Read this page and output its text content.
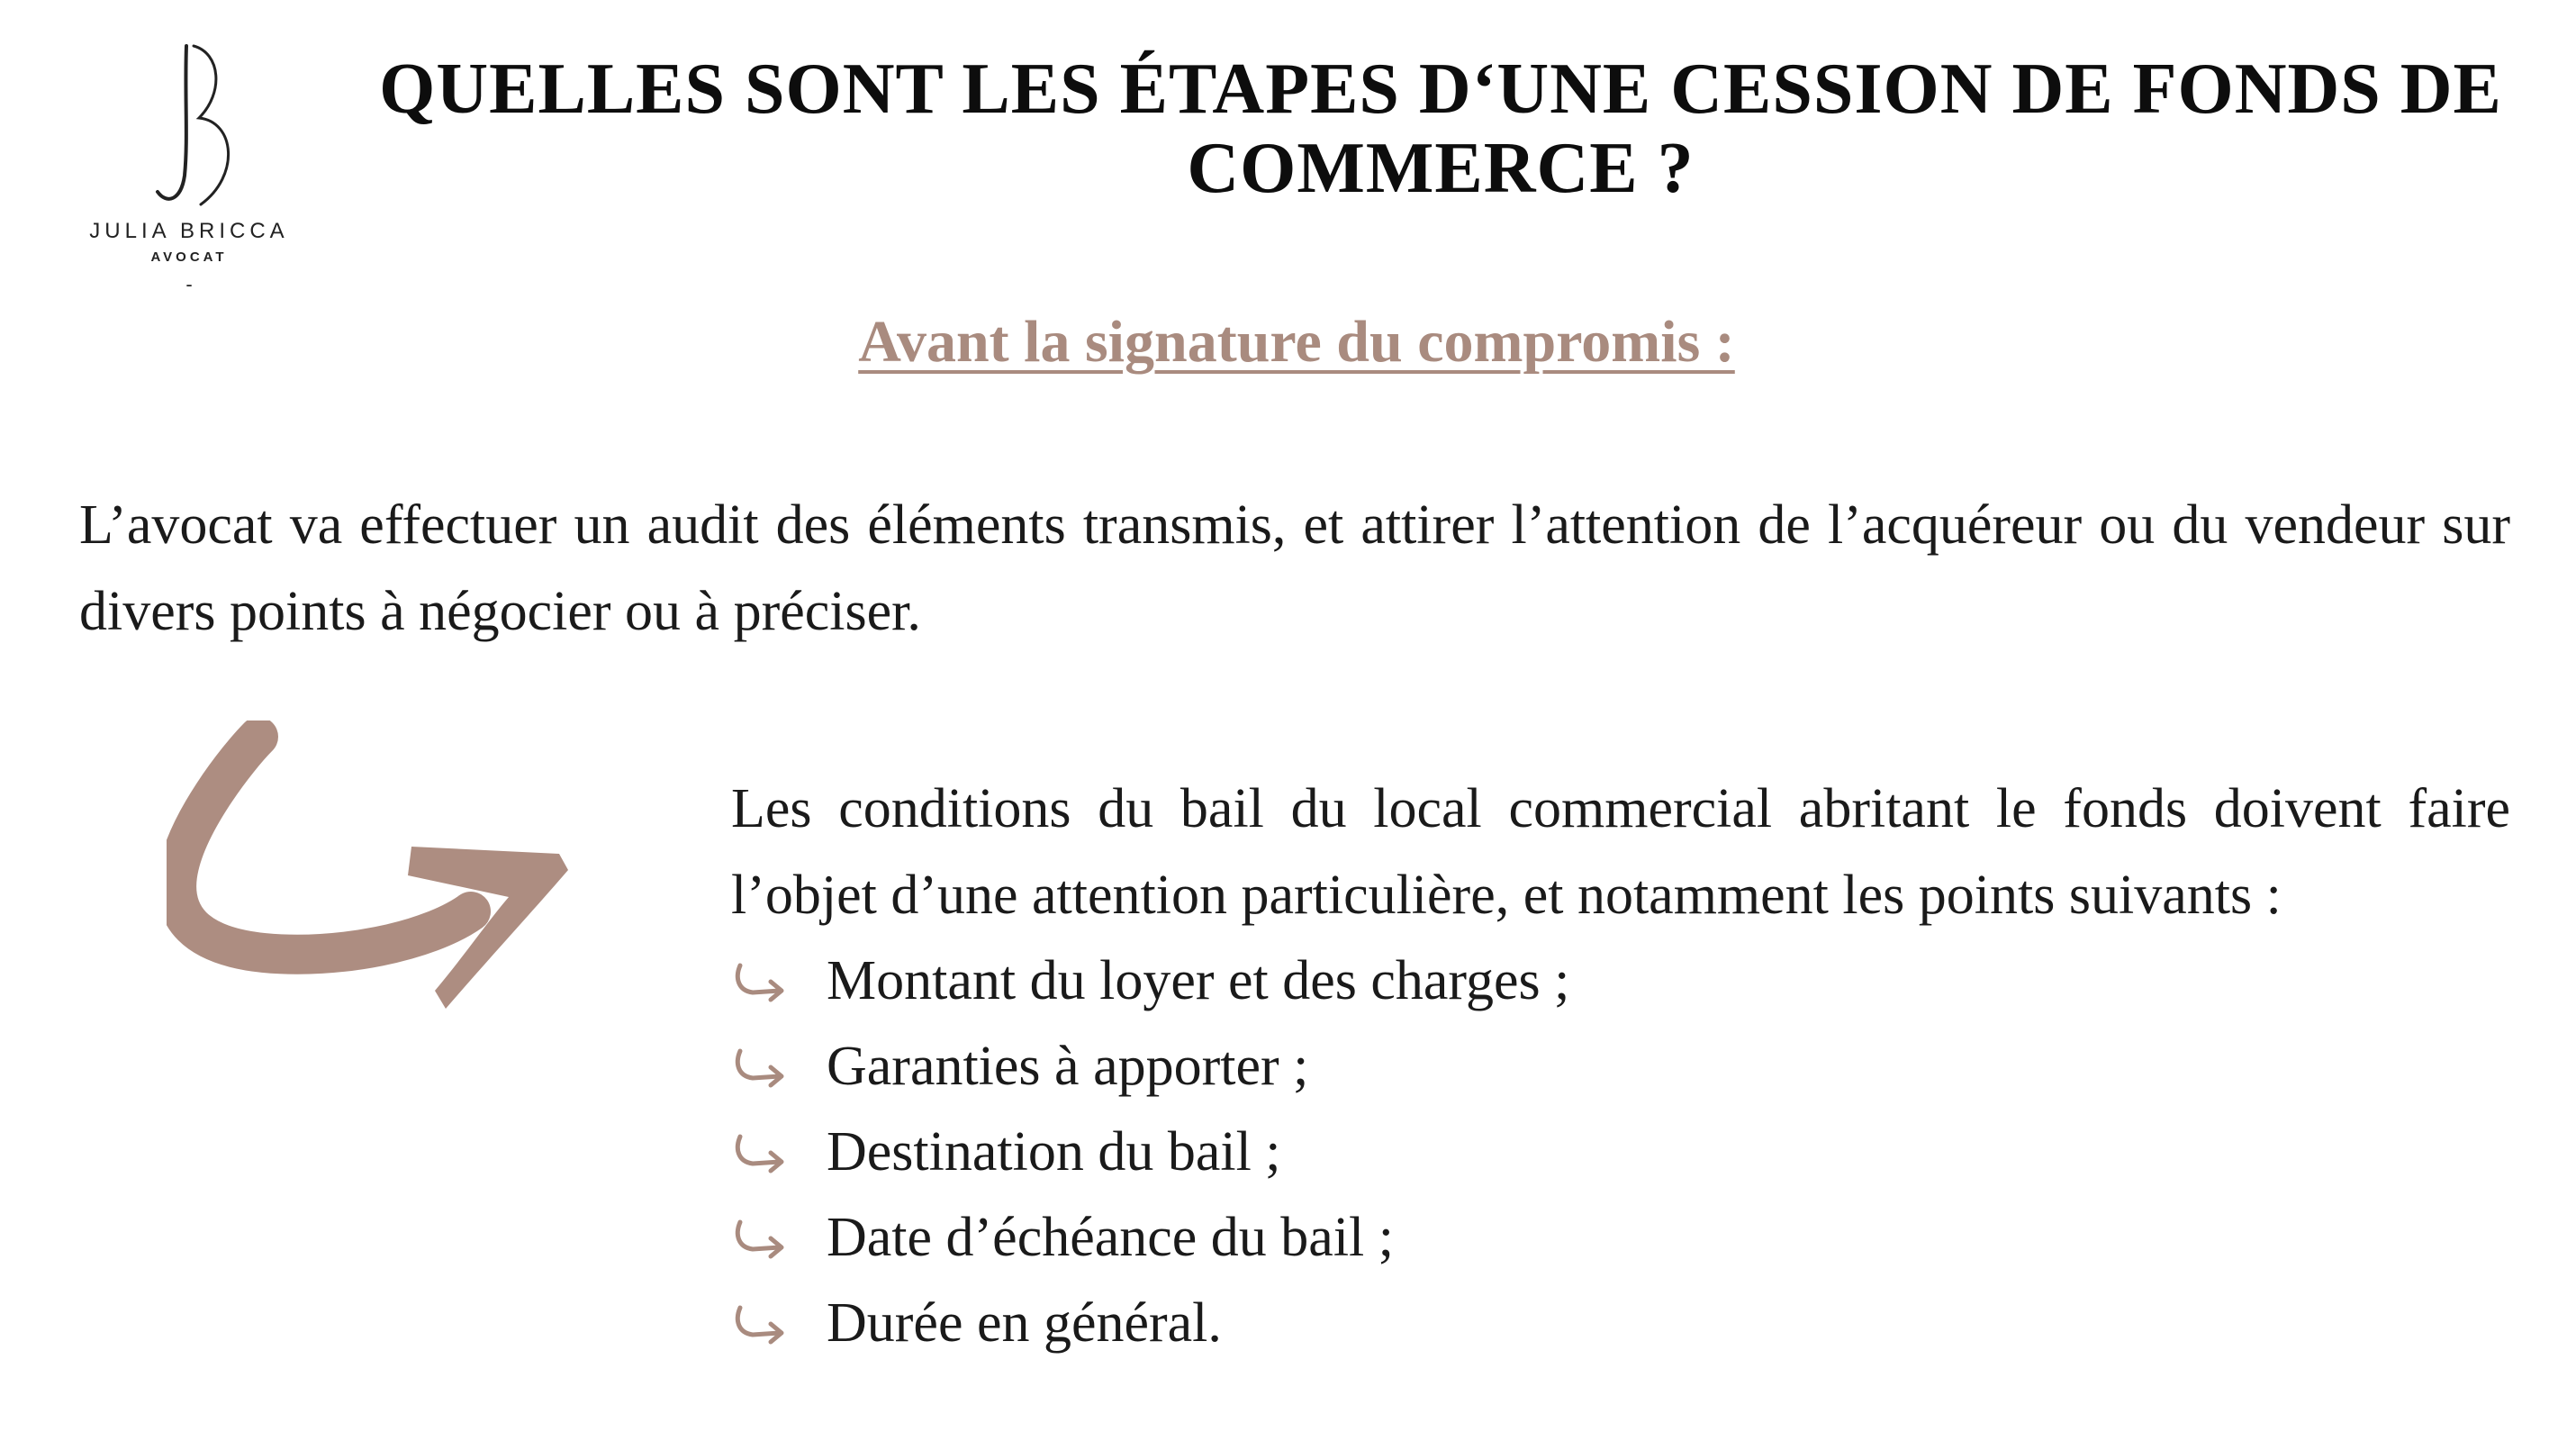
JULIA BRICCA
AVOCAT
-
QUELLES SONT LES ÉTAPES D‘UNE CESSION DE FONDS DE COMMERCE ?
Avant la signature du compromis :

L’avocat va effectuer un audit des éléments transmis, et attirer l’attention de l’acquéreur ou du vendeur sur divers points à négocier ou à préciser.

Les conditions du bail du local commercial abritant le fonds doivent faire l’objet d’une attention particulière, et notamment les points suivants :

Montant du loyer et des charges ;
Garanties à apporter ;
Destination du bail ;
Date d’échéance du bail ;
Durée en général.
